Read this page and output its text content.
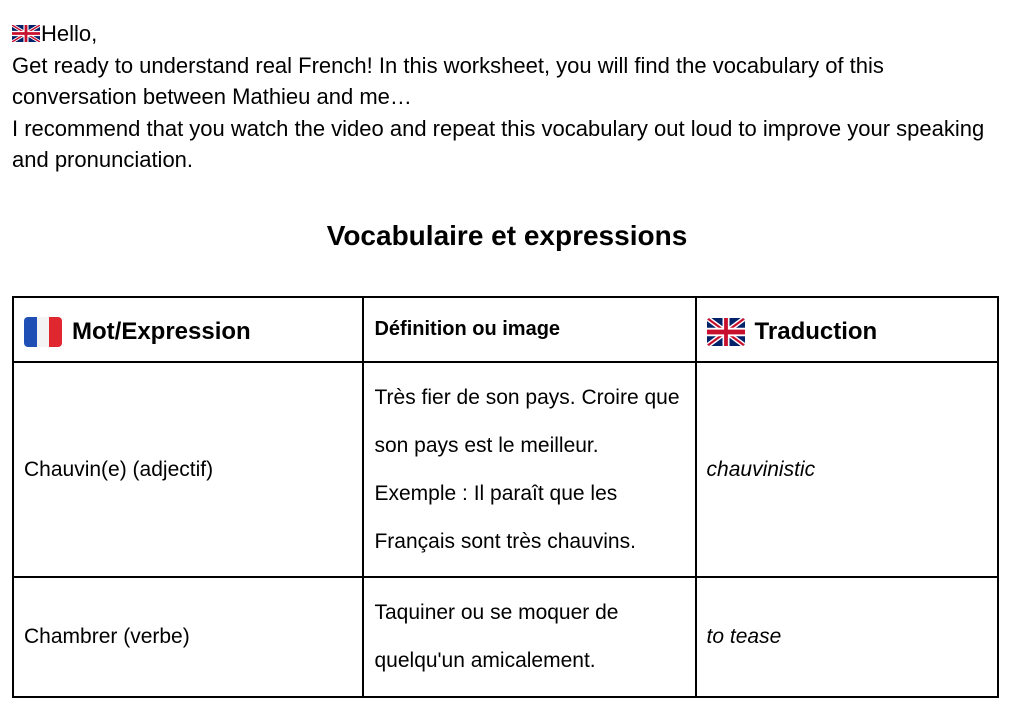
Hello,

Get ready to understand real French! In this worksheet, you will find the vocabulary of this conversation between Mathieu and me…

I recommend that you watch the video and repeat this vocabulary out loud to improve your speaking and pronunciation.

Vocabulaire et expressions
Mot/Expression	Définition ou image	Traduction

Chauvin(e) (adjectif)	Très fier de son pays. Croire que son pays est le meilleur. Exemple : Il paraît que les Français sont très chauvins.	chauvinistic
Chambrer (verbe)	Taquiner ou se moquer de quelqu'un amicalement.	to tease
